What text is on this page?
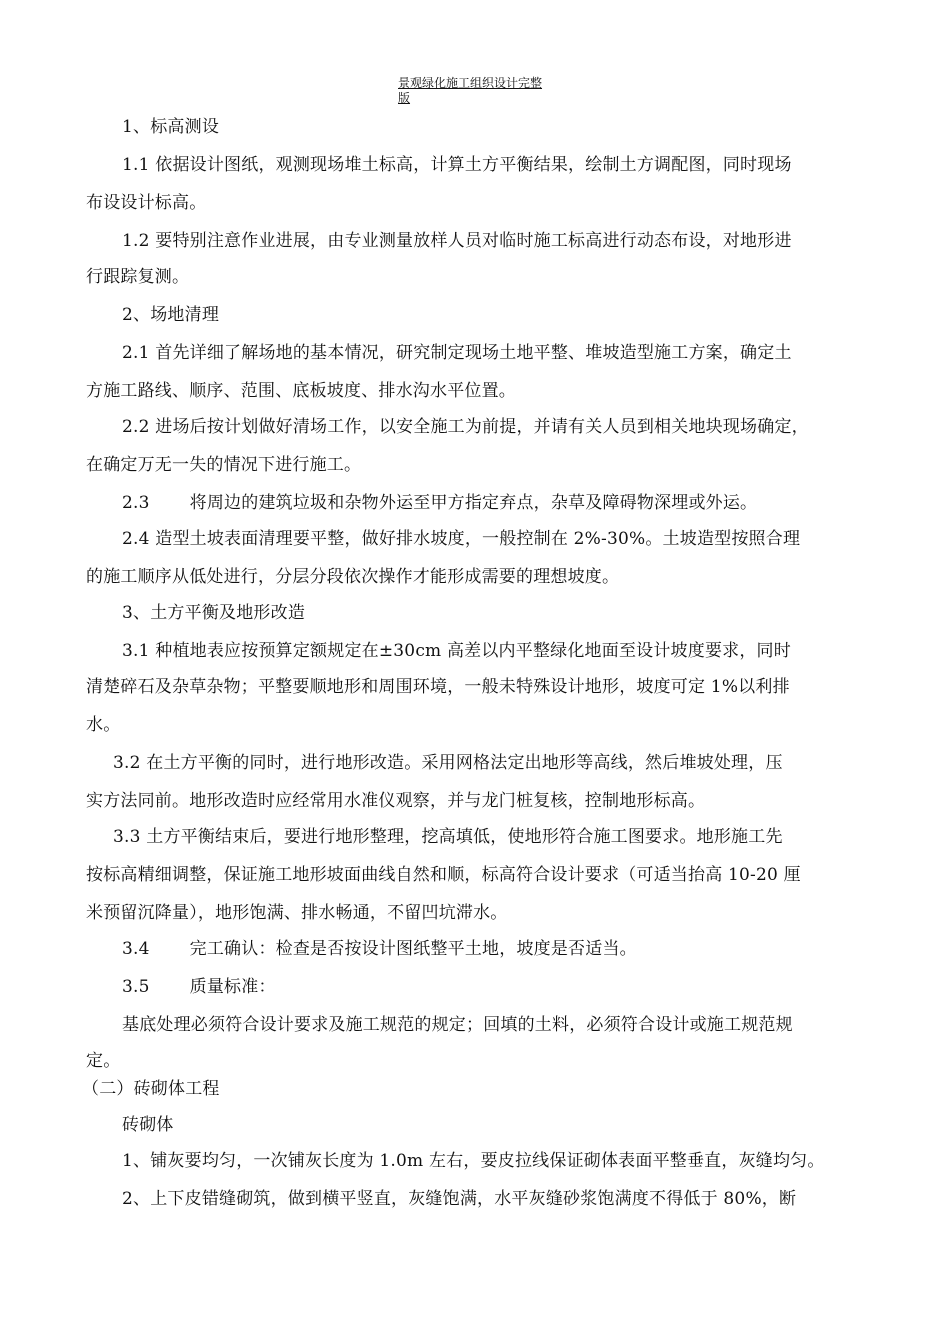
景观绿化施工组织设计完整
版
1、标高测设
1.1 依据设计图纸，观测现场堆土标高，计算土方平衡结果，绘制土方调配图，同时现场
布设设计标高。
1.2 要特别注意作业进展，由专业测量放样人员对临时施工标高进行动态布设，对地形进
行跟踪复测。
2、场地清理
2.1 首先详细了解场地的基本情况，研究制定现场土地平整、堆坡造型施工方案，确定土
方施工路线、顺序、范围、底板坡度、排水沟水平位置。
2.2 进场后按计划做好清场工作，以安全施工为前提，并请有关人员到相关地块现场确定，
在确定万无一失的情况下进行施工。
2.3 将周边的建筑垃圾和杂物外运至甲方指定弃点，杂草及障碍物深埋或外运。
2.4 造型土坡表面清理要平整，做好排水坡度，一般控制在 2%-30%。土坡造型按照合理
的施工顺序从低处进行，分层分段依次操作才能形成需要的理想坡度。
3、土方平衡及地形改造
3.1 种植地表应按预算定额规定在±30cm 高差以内平整绿化地面至设计坡度要求，同时
清楚碎石及杂草杂物；平整要顺地形和周围环境，一般未特殊设计地形，坡度可定 1%以利排
水。
3.2 在土方平衡的同时，进行地形改造。采用网格法定出地形等高线，然后堆坡处理，压
实方法同前。地形改造时应经常用水准仪观察，并与龙门桩复核，控制地形标高。
3.3 土方平衡结束后，要进行地形整理，挖高填低，使地形符合施工图要求。地形施工先
按标高精细调整，保证施工地形坡面曲线自然和顺，标高符合设计要求（可适当抬高 10-20 厘
米预留沉降量），地形饱满、排水畅通，不留凹坑滞水。
3.4 完工确认：检查是否按设计图纸整平土地，坡度是否适当。
3.5 质量标准：
基底处理必须符合设计要求及施工规范的规定；回填的土料，必须符合设计或施工规范规
定。
（二）砖砌体工程
砖砌体
1、铺灰要均匀，一次铺灰长度为 1.0m 左右，要皮拉线保证砌体表面平整垂直，灰缝均匀。
2、上下皮错缝砌筑，做到横平竖直，灰缝饱满，水平灰缝砂浆饱满度不得低于 80%，断
